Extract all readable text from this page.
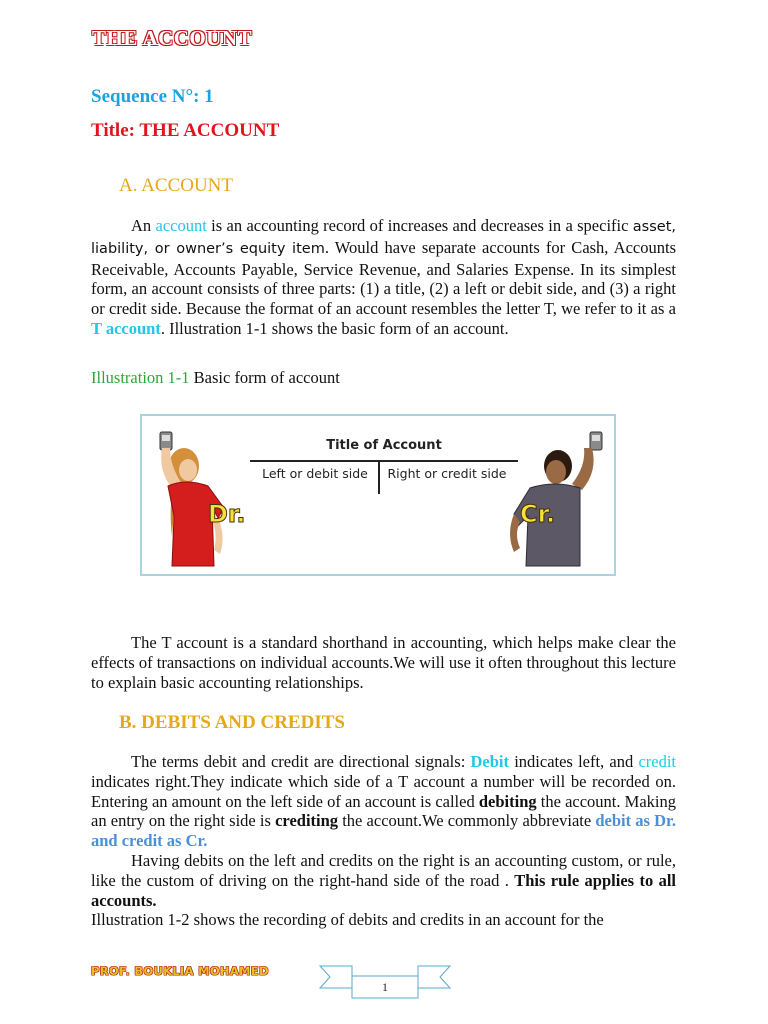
THE ACCOUNT
Sequence N°: 1
Title: THE ACCOUNT
A. ACCOUNT
An account is an accounting record of increases and decreases in a specific asset, liability, or owner’s equity item. Would have separate accounts for Cash, Accounts Receivable, Accounts Payable, Service Revenue, and Salaries Expense. In its simplest form, an account consists of three parts: (1) a title, (2) a left or debit side, and (3) a right or credit side. Because the format of an account resembles the letter T, we refer to it as a T account. Illustration 1-1 shows the basic form of an account.
Illustration 1-1 Basic form of account
Dr.
Title of Account
Left or debit side	Right or credit side
Cr.
The T account is a standard shorthand in accounting, which helps make clear the effects of transactions on individual accounts.We will use it often throughout this lecture to explain basic accounting relationships.
B. DEBITS AND CREDITS
The terms debit and credit are directional signals: Debit indicates left, and credit indicates right.They indicate which side of a T account a number will be recorded on. Entering an amount on the left side of an account is called debiting the account. Making an entry on the right side is crediting the account.We commonly abbreviate debit as Dr. and credit as Cr.
Having debits on the left and credits on the right is an accounting custom, or rule, like the custom of driving on the right-hand side of the road . This rule applies to all accounts.
Illustration 1-2 shows the recording of debits and credits in an account for the
PROF. BOUKLIA MOHAMED
1
